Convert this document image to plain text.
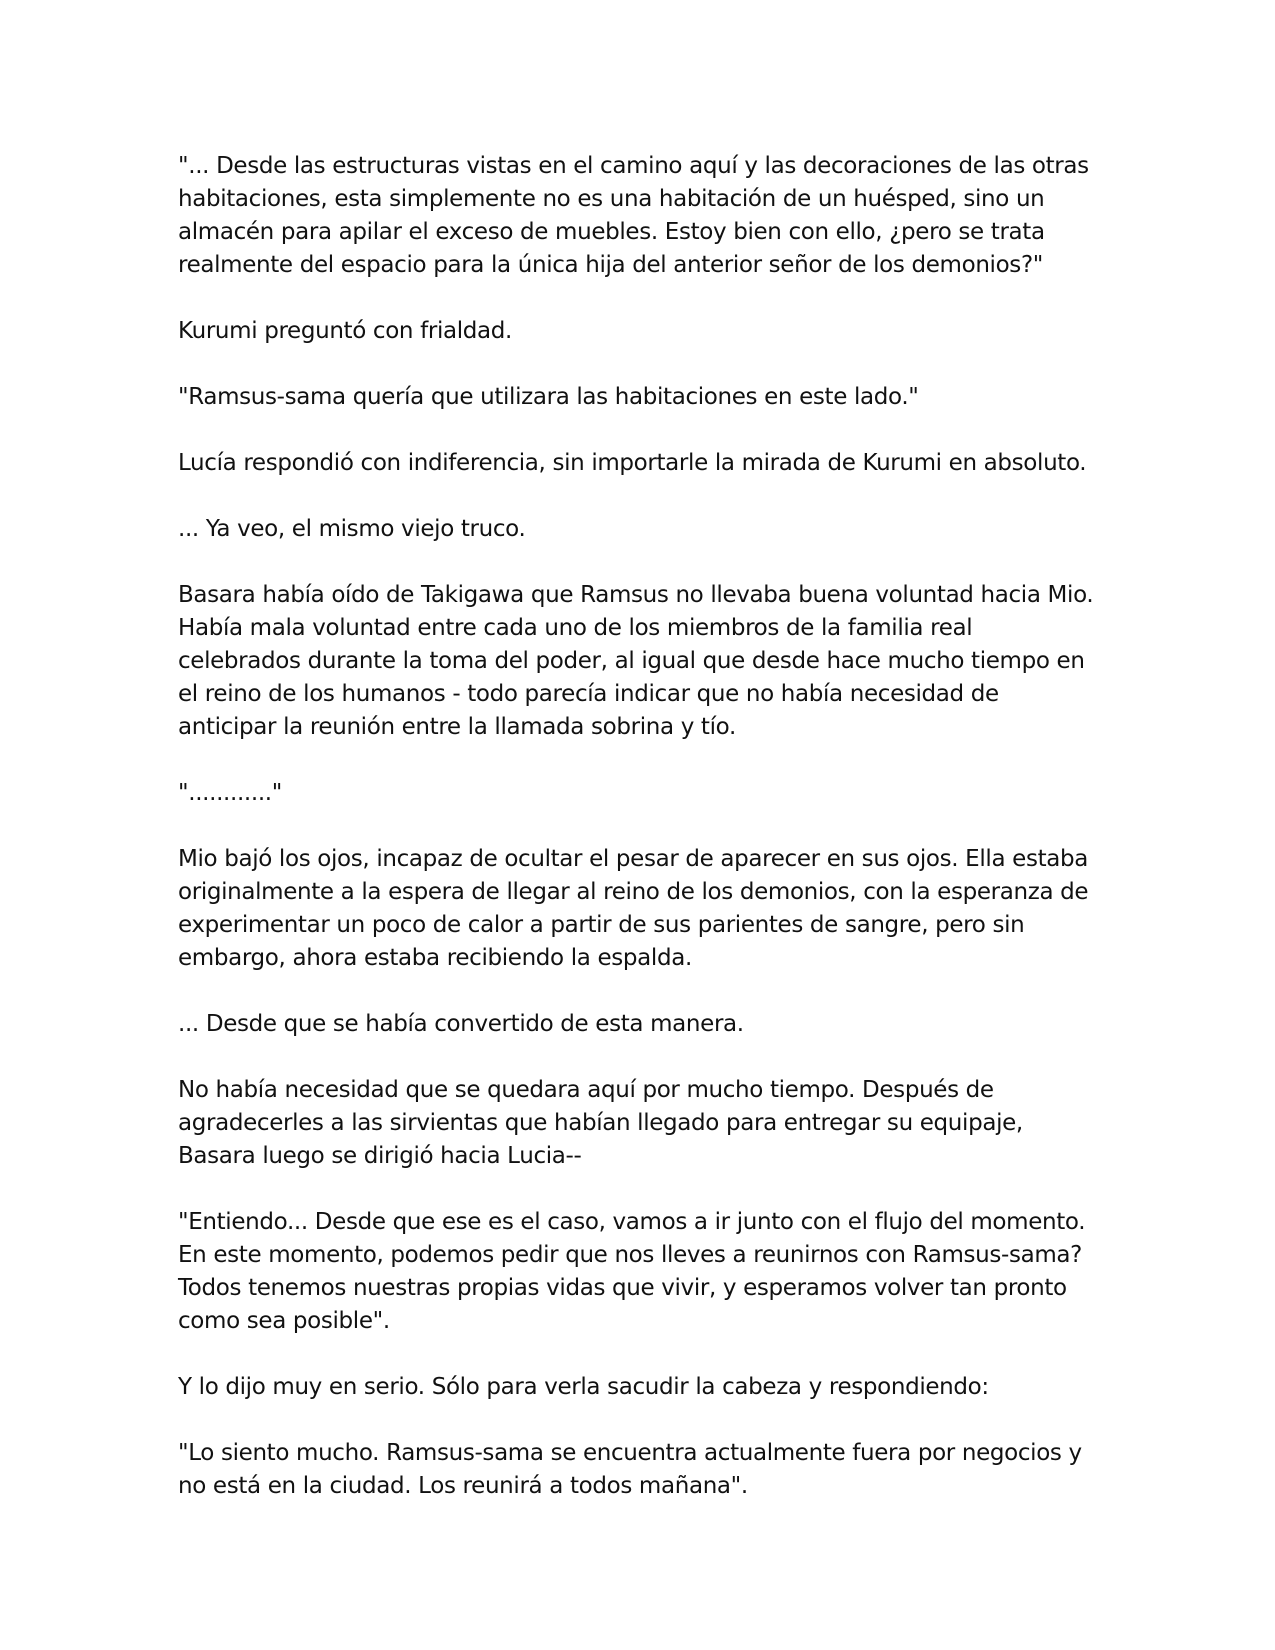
"... Desde las estructuras vistas en el camino aquí y las decoraciones de las otras habitaciones, esta simplemente no es una habitación de un huésped, sino un almacén para apilar el exceso de muebles. Estoy bien con ello, ¿pero se trata realmente del espacio para la única hija del anterior señor de los demonios?"

Kurumi preguntó con frialdad.

"Ramsus-sama quería que utilizara las habitaciones en este lado."

Lucía respondió con indiferencia, sin importarle la mirada de Kurumi en absoluto.

... Ya veo, el mismo viejo truco.

Basara había oído de Takigawa que Ramsus no llevaba buena voluntad hacia Mio. Había mala voluntad entre cada uno de los miembros de la familia real celebrados durante la toma del poder, al igual que desde hace mucho tiempo en el reino de los humanos - todo parecía indicar que no había necesidad de anticipar la reunión entre la llamada sobrina y tío.

"............"

Mio bajó los ojos, incapaz de ocultar el pesar de aparecer en sus ojos. Ella estaba originalmente a la espera de llegar al reino de los demonios, con la esperanza de experimentar un poco de calor a partir de sus parientes de sangre, pero sin embargo, ahora estaba recibiendo la espalda.

... Desde que se había convertido de esta manera.

No había necesidad que se quedara aquí por mucho tiempo. Después de agradecerles a las sirvientas que habían llegado para entregar su equipaje, Basara luego se dirigió hacia Lucia--

"Entiendo... Desde que ese es el caso, vamos a ir junto con el flujo del momento. En este momento, podemos pedir que nos lleves a reunirnos con Ramsus-sama? Todos tenemos nuestras propias vidas que vivir, y esperamos volver tan pronto como sea posible".

Y lo dijo muy en serio. Sólo para verla sacudir la cabeza y respondiendo:

"Lo siento mucho. Ramsus-sama se encuentra actualmente fuera por negocios y no está en la ciudad. Los reunirá a todos mañana".
